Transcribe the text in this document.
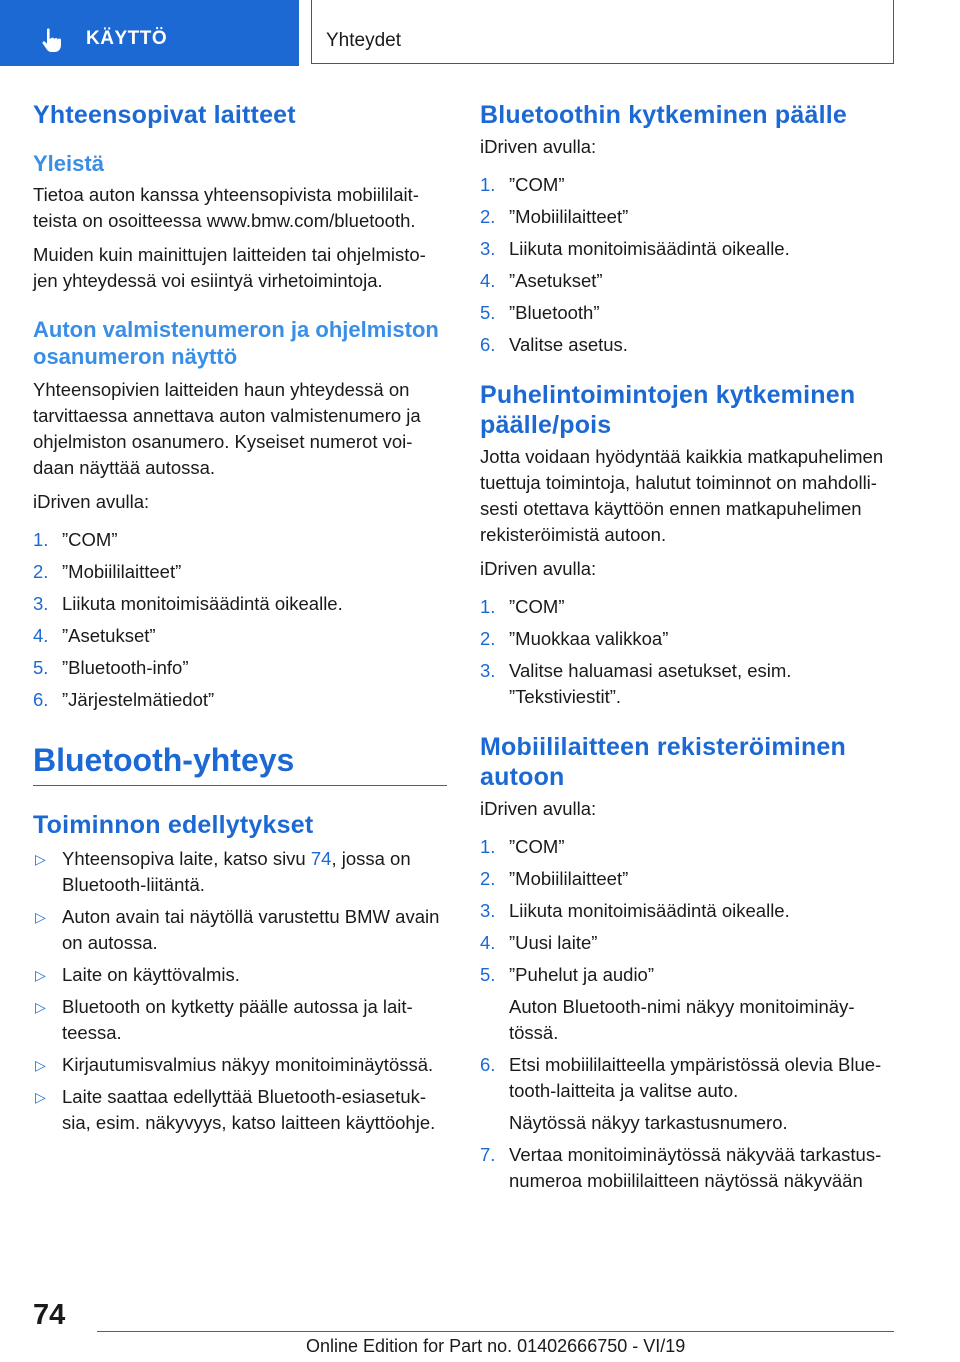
KÄYTTÖ	Yhteydet
Yhteensopivat laitteet
Yleistä

Tietoa auton kanssa yhteensopivista mobiililait-teista on osoitteessa www.bmw.com/bluetooth.

Muiden kuin mainittujen laitteiden tai ohjelmisto-jen yhteydessä voi esiintyä virhetoimintoja.

Auton valmistenumeron ja ohjelmiston osanumeron näyttö

Yhteensopivien laitteiden haun yhteydessä on tarvittaessa annettava auton valmistenumero ja ohjelmiston osanumero. Kyseiset numerot voi-daan näyttää autossa.

iDriven avulla:

1. ”COM”
2. ”Mobiililaitteet”
3. Liikuta monitoimisäädintä oikealle.
4. ”Asetukset”
5. ”Bluetooth-info”
6. ”Järjestelmätiedot”
Bluetooth-yhteys
Toiminnon edellytykset
▷ Yhteensopiva laite, katso sivu 74, jossa on Bluetooth-liitäntä.
▷ Auton avain tai näytöllä varustettu BMW avain on autossa.
▷ Laite on käyttövalmis.
▷ Bluetooth on kytketty päälle autossa ja lait-teessa.
▷ Kirjautumisvalmius näkyy monitoiminäytössä.
▷ Laite saattaa edellyttää Bluetooth-esiasetuk-sia, esim. näkyvyys, katso laitteen käyttöohje.
Bluetoothin kytkeminen päälle

iDriven avulla:

1. ”COM”
2. ”Mobiililaitteet”
3. Liikuta monitoimisäädintä oikealle.
4. ”Asetukset”
5. ”Bluetooth”
6. Valitse asetus.
Puhelintoimintojen kytkeminen päälle/pois

Jotta voidaan hyödyntää kaikkia matkapuhelimen tuettuja toimintoja, halutut toiminnot on mahdolli-sesti otettava käyttöön ennen matkapuhelimen rekisteröimistä autoon.

iDriven avulla:

1. ”COM”
2. ”Muokkaa valikkoa”
3. Valitse haluamasi asetukset, esim. ”Tekstiviestit”.
Mobiililaitteen rekisteröiminen autoon

iDriven avulla:

1. ”COM”
2. ”Mobiililaitteet”
3. Liikuta monitoimisäädintä oikealle.
4. ”Uusi laite”
5. ”Puhelut ja audio”
Auton Bluetooth-nimi näkyy monitoiminäy-tössä.
6. Etsi mobiililaitteella ympäristössä olevia Blue-tooth-laitteita ja valitse auto.
Näytössä näkyy tarkastusnumero.
7. Vertaa monitoiminäytössä näkyvää tarkastus-numeroa mobiililaitteen näytössä näkyvään
74
Online Edition for Part no. 01402666750 - VI/19
